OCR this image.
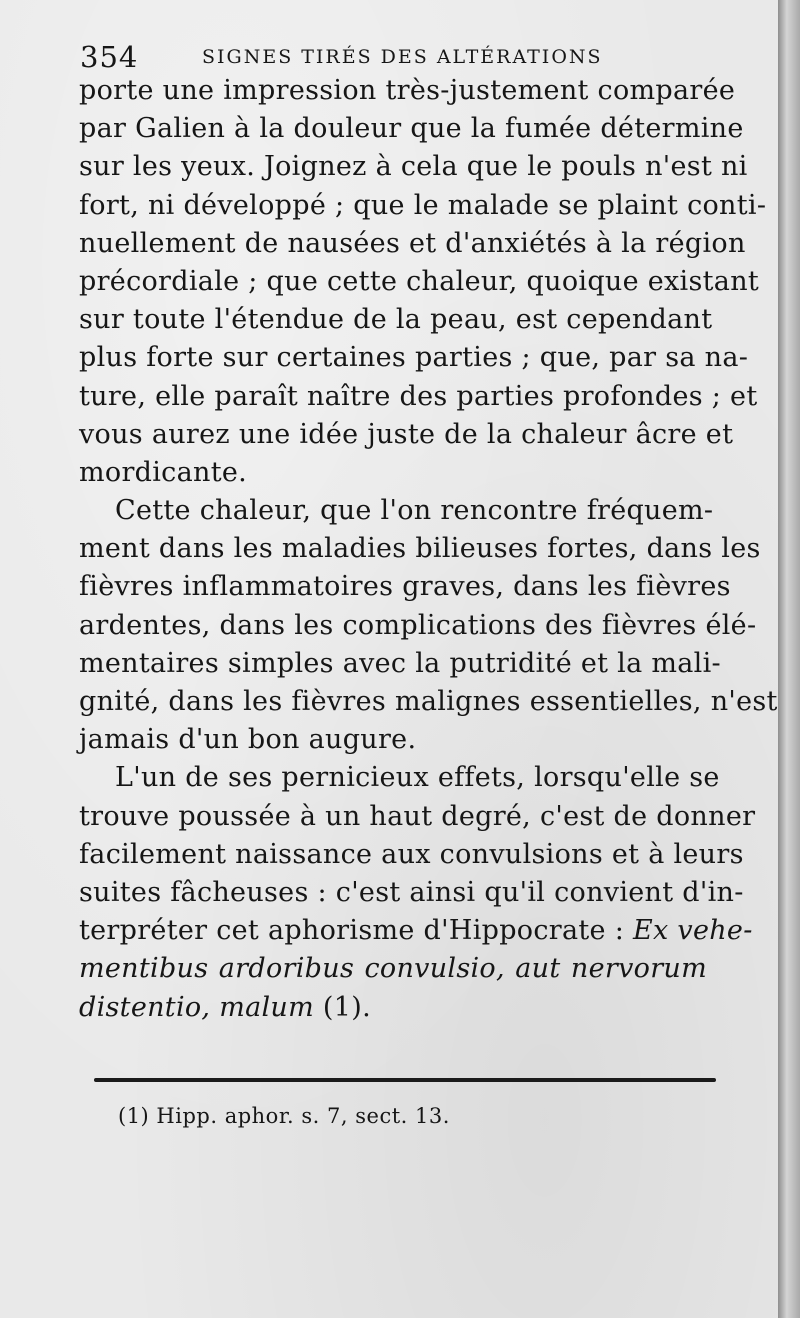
354	SIGNES TIRÉS DES ALTÉRATIONS
porte une impression très-justement comparée
par Galien à la douleur que la fumée détermine
sur les yeux. Joignez à cela que le pouls n'est ni
fort, ni développé ; que le malade se plaint conti-
nuellement de nausées et d'anxiétés à la région
précordiale ; que cette chaleur, quoique existant
sur toute l'étendue de la peau, est cependant
plus forte sur certaines parties ; que, par sa na-
ture, elle paraît naître des parties profondes ; et
vous aurez une idée juste de la chaleur âcre et
mordicante.
Cette chaleur, que l'on rencontre fréquem-
ment dans les maladies bilieuses fortes, dans les
fièvres inflammatoires graves, dans les fièvres
ardentes, dans les complications des fièvres élé-
mentaires simples avec la putridité et la mali-
gnité, dans les fièvres malignes essentielles, n'est
jamais d'un bon augure.
L'un de ses pernicieux effets, lorsqu'elle se
trouve poussée à un haut degré, c'est de donner
facilement naissance aux convulsions et à leurs
suites fâcheuses : c'est ainsi qu'il convient d'in-
terpréter cet aphorisme d'Hippocrate : Ex vehe-
mentibus ardoribus convulsio, aut nervorum
distentio, malum (1).
(1) Hipp. aphor. s. 7, sect. 13.
